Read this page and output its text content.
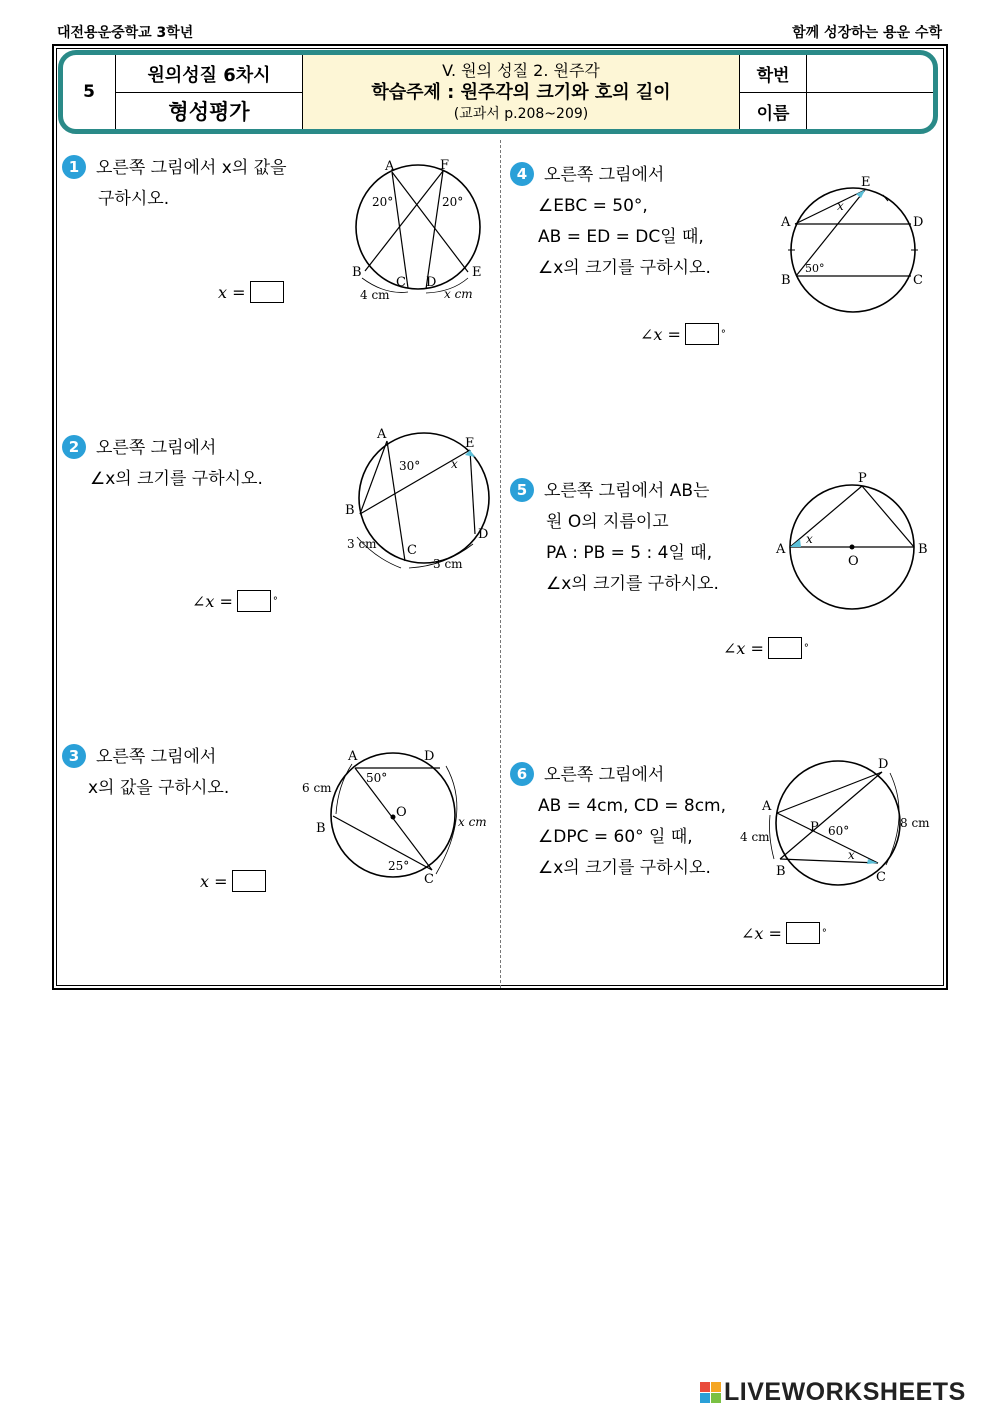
대전용운중학교 3학년	함께 성장하는 용운 수학
5
원의성질 6차시
형성평가
V. 원의 성질 2. 원주각
학습주제 : 원주각의 크기와 호의 길이
(교과서 p.208~209)
학번
이름
1 오른쪽 그림에서 x의 값을
구하시오.
x =
A	F
B
C D
E
20°	20°
4 cm	x cm
2 오른쪽 그림에서
∠x의 크기를 구하시오.
∠x =	°
A
E
B
C
D
30°	x
3 cm
3 cm
3 오른쪽 그림에서
x의 값을 구하시오.
x =
A	D
B
O
C
50°
25°
6 cm
x cm
4 오른쪽 그림에서
∠EBC = 50°,
AB = ED = DC일 때,
∠x의 크기를 구하시오.
∠x =	°
E
A	D
B	C
x
50°
5 오른쪽 그림에서 AB는
원 O의 지름이고
PA : PB = 5 : 4일 때,
∠x의 크기를 구하시오.
∠x =	°
P
A
O
B
x
6 오른쪽 그림에서
AB = 4cm, CD = 8cm,
∠DPC = 60° 일 때,
∠x의 크기를 구하시오.
∠x =	°
D
A
P
B	C
60°
x
4 cm
8 cm
LIVEWORKSHEETS
